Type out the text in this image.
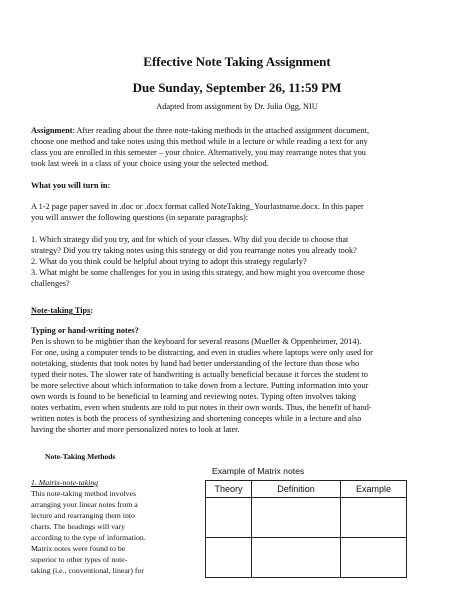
Effective Note Taking Assignment
Due Sunday, September 26, 11:59 PM
Adapted from assignment by Dr. Julia Ogg, NIU
Assignment: After reading about the three note-taking methods in the attached assignment document,
choose one method and take notes using this method while in a lecture or while reading a text for any
class you are enrolled in this semester – your choice. Alternatively, you may rearrange notes that you
took last week in a class of your choice using your the selected method.
What you will turn in:
A 1-2 page paper saved in .doc or .docx format called NoteTaking_Yourlastname.docx. In this paper
you will answer the following questions (in separate paragraphs):
1. Which strategy did you try, and for which of your classes. Why did you decide to choose that
strategy? Did you try taking notes using this strategy or did you rearrange notes you already took?
2. What do you think could be helpful about trying to adopt this strategy regularly?
3. What might be some challenges for you in using this strategy, and how might you overcome those
challenges?
Note-taking Tips:
Typing or hand-writing notes?
Pen is shown to be mightier than the keyboard for several reasons (Mueller & Oppenheimer, 2014).
For one, using a computer tends to be distracting, and even in studies where laptops were only used for
notetaking, students that took notes by hand had better understanding of the lecture than those who
typed their notes. The slower rate of handwriting is actually beneficial because it forces the student to
be more selective about which information to take down from a lecture. Putting information into your
own words is found to be beneficial to learning and reviewing notes. Typing often involves taking
notes verbatim, even when students are told to put notes in their own words. Thus, the benefit of hand-
written notes is both the process of synthesizing and shortening concepts while in a lecture and also
having the shorter and more personalized notes to look at later.
Note-Taking Methods
1. Matrix-note-taking
This note-taking method involves
arranging your linear notes from a
lecture and rearranging them into
charts. The headings will vary
according to the type of information.
Matrix notes were found to be
superior to other types of note-
taking (i.e., conventional, linear) for
Example of Matrix notes
Theory	Definition	Example
